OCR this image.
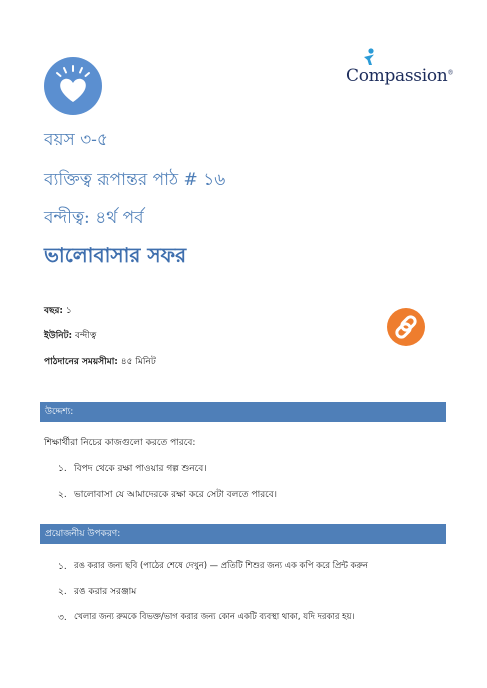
Compassion®
বয়স ৩-৫
ব্যক্তিত্ব রূপান্তর পাঠ # ১৬
বন্দীত্ব: ৪র্থ পর্ব
ভালোবাসার সফর
বছর: ১
ইউনিট: বন্দীত্ব
পাঠদানের সময়সীমা: ৪৫ মিনিট
উদ্দেশ্য:
শিক্ষার্থীরা নিচের কাজগুলো করতে পারবে:
১. বিপদ থেকে রক্ষা পাওয়ার গল্প শুনবে।
২. ভালোবাসা যে আমাদেরকে রক্ষা করে সেটা বলতে পারবে।
প্রয়োজনীয় উপকরণ:
১. রঙ করার জন্য ছবি (পাঠের শেষে দেখুন) — প্রতিটি শিশুর জন্য এক কপি করে প্রিন্ট করুন
২. রঙ করার সরঞ্জাম
৩. খেলার জন্য রুমকে বিভক্ত/ভাগ করার জন্য কোন একটি ব্যবস্থা থাকা, যদি দরকার হয়।
